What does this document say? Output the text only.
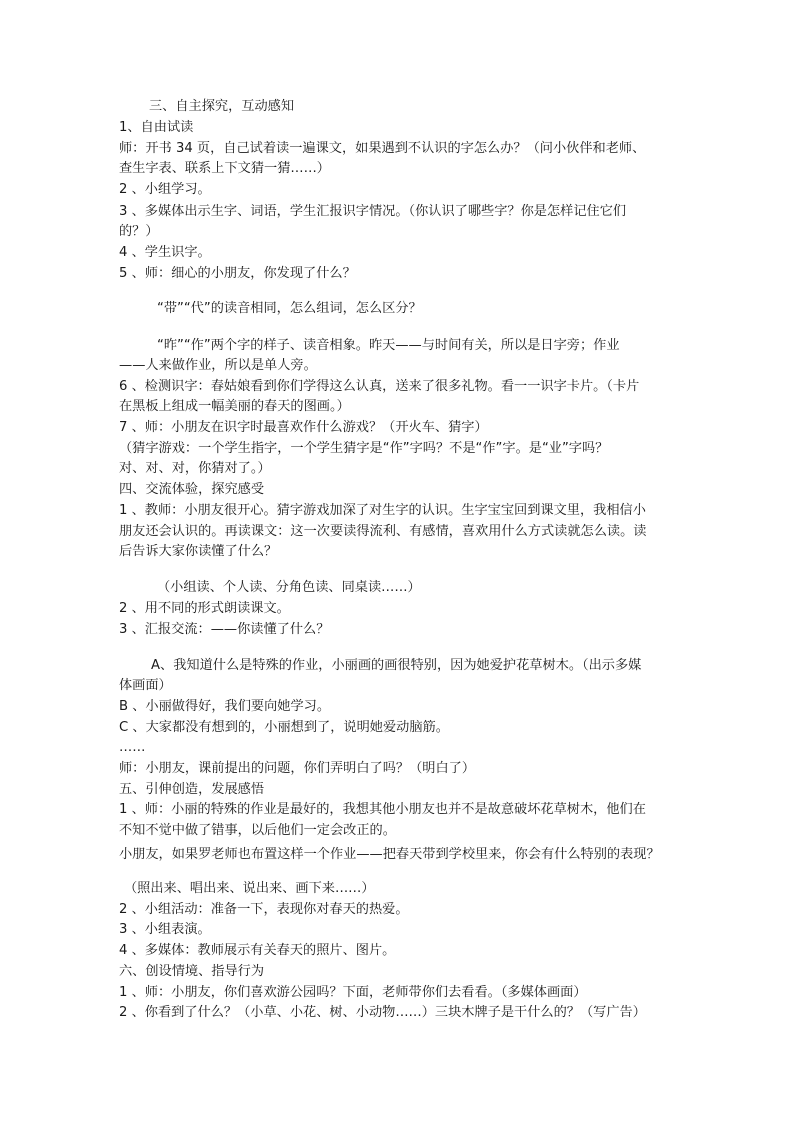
三、自主探究，互动感知
1、自由试读
师：开书 34 页，自己试着读一遍课文，如果遇到不认识的字怎么办？（问小伙伴和老师、
查生字表、联系上下文猜一猜……）
2 、小组学习。
3 、多媒体出示生字、词语，学生汇报识字情况。（你认识了哪些字？你是怎样记住它们
的？）
4 、学生识字。
5 、师：细心的小朋友，你发现了什么？
“带”“代”的读音相同，怎么组词，怎么区分？
“昨”“作”两个字的样子、读音相象。昨天——与时间有关，所以是日字旁；作业
——人来做作业，所以是单人旁。
6 、检测识字：春姑娘看到你们学得这么认真，送来了很多礼物。看一一识字卡片。（卡片
在黑板上组成一幅美丽的春天的图画。）
7 、师：小朋友在识字时最喜欢作什么游戏？（开火车、猜字）
（猜字游戏：一个学生指字，一个学生猜字是“作”字吗？不是“作”字。是“业”字吗？
对、对、对，你猜对了。）
四、交流体验，探究感受
1 、教师：小朋友很开心。猜字游戏加深了对生字的认识。生字宝宝回到课文里，我相信小
朋友还会认识的。再读课文：这一次要读得流利、有感情，喜欢用什么方式读就怎么读。读
后告诉大家你读懂了什么？
（小组读、个人读、分角色读、同桌读……）
2 、用不同的形式朗读课文。
3 、汇报交流：——你读懂了什么？
A、我知道什么是特殊的作业，小丽画的画很特别，因为她爱护花草树木。（出示多媒
体画面）
B 、小丽做得好，我们要向她学习。
C 、大家都没有想到的，小丽想到了，说明她爱动脑筋。
……
师：小朋友，课前提出的问题，你们弄明白了吗？（明白了）
五、引伸创造，发展感悟
1 、师：小丽的特殊的作业是最好的，我想其他小朋友也并不是故意破坏花草树木，他们在
不知不觉中做了错事，以后他们一定会改正的。
小朋友，如果罗老师也布置这样一个作业——把春天带到学校里来，你会有什么特别的表现？
（照出来、唱出来、说出来、画下来……）
2 、小组活动：准备一下，表现你对春天的热爱。
3 、小组表演。
4 、多媒体：教师展示有关春天的照片、图片。
六、创设情境、指导行为
1 、师：小朋友，你们喜欢游公园吗？下面，老师带你们去看看。（多媒体画面）
2 、你看到了什么？（小草、小花、树、小动物……）三块木牌子是干什么的？（写广告）
